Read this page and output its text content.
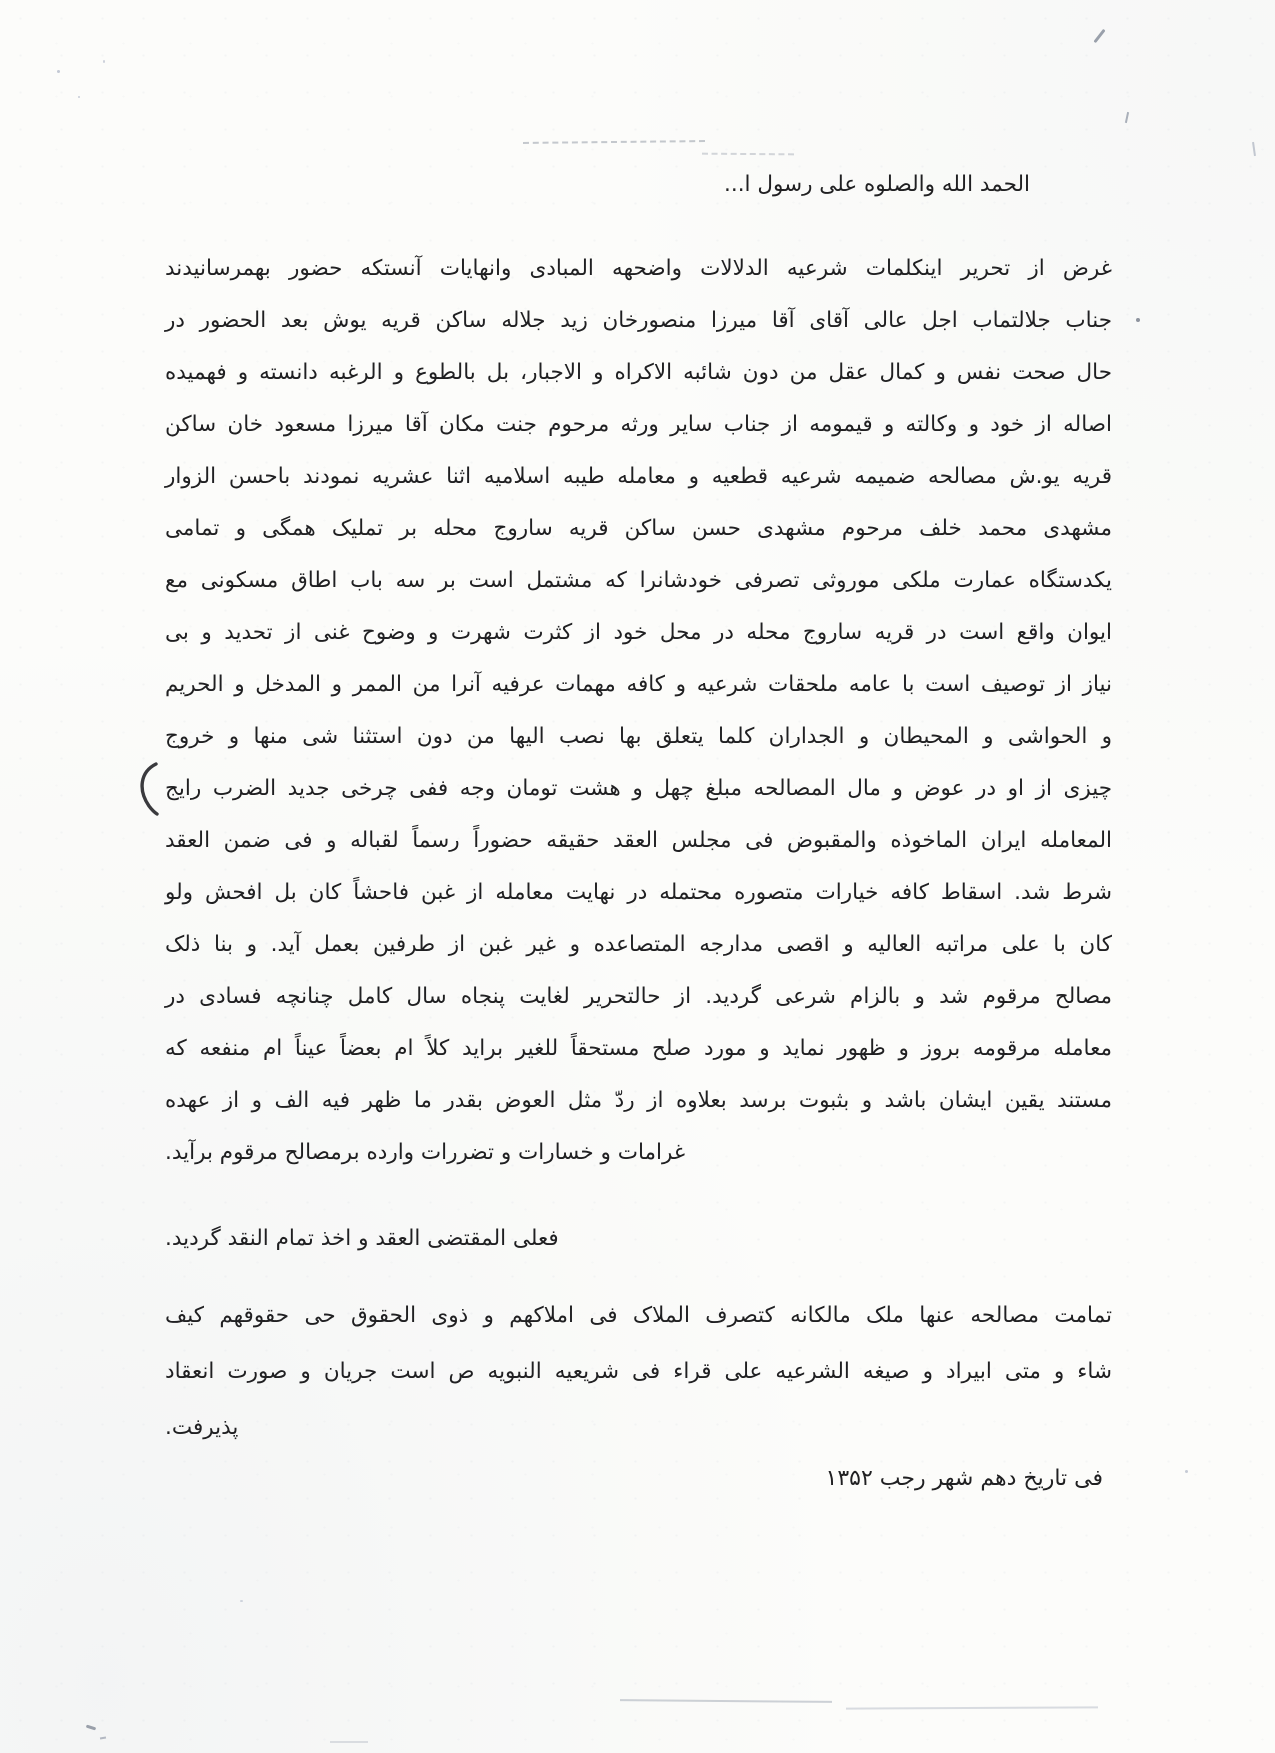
الحمد الله والصلوه علی رسول ا...
غرض از تحریر اینکلمات شرعیه الدلالات واضحهه المبادی وانهایات آنستکه حضور بهمرسانیدند
جناب جلالتماب اجل عالی آقای آقا میرزا منصورخان زید جلاله ساکن قریه یوش بعد الحضور در
حال صحت نفس و کمال عقل من دون شائبه الاکراه و الاجبار، بل بالطوع و الرغبه دانسته و فهمیده
اصاله از خود و وکالته و قیمومه از جناب سایر ورثه مرحوم جنت مکان آقا میرزا مسعود خان ساکن
قریه یو.ش مصالحه ضمیمه شرعیه قطعیه و معامله طیبه اسلامیه اثنا عشریه نمودند باحسن الزوار
مشهدی محمد خلف مرحوم مشهدی حسن ساکن قریه ساروج محله بر تملیک همگی و تمامی
یکدستگاه عمارت ملکی موروثی تصرفی خودشانرا که مشتمل است بر سه باب اطاق مسکونی مع
ایوان واقع است در قریه ساروج محله در محل خود از کثرت شهرت و وضوح غنی از تحدید و بی
نیاز از توصیف است با عامه ملحقات شرعیه و کافه مهمات عرفیه آنرا من الممر و المدخل و الحریم
و الحواشی و المحیطان و الجداران کلما یتعلق بها نصب الیها من دون استثنا شی منها و خروج
چیزی از او در عوض و مال المصالحه مبلغ چهل و هشت تومان وجه ففی چرخی جدید الضرب رایج
المعامله ایران الماخوذه والمقبوض فی مجلس العقد حقیقه حضوراً رسماً لقباله و فی ضمن العقد
شرط شد. اسقاط کافه خیارات متصوره محتمله در نهایت معامله از غبن فاحشاً کان بل افحش ولو
کان با علی مراتبه العالیه و اقصی مدارجه المتصاعده و غیر غبن از طرفین بعمل آید. و بنا ذلک
مصالح مرقوم شد و بالزام شرعی گردید. از حالتحریر لغایت پنجاه سال کامل چنانچه فسادی در
معامله مرقومه بروز و ظهور نماید و مورد صلح مستحقاً للغیر براید کلاً ام بعضاً عیناً ام منفعه که
مستند یقین ایشان باشد و بثبوت برسد بعلاوه از ردّ مثل العوض بقدر ما ظهر فیه الف و از عهده
غرامات و خسارات و تضررات وارده برمصالح مرقوم برآید.
فعلی المقتضی العقد و اخذ تمام النقد گردید.
تمامت مصالحه عنها ملک مالکانه کتصرف الملاک فی املاکهم و ذوی الحقوق حی حقوقهم کیف
شاء و متی ابیراد و صیغه الشرعیه علی قراء فی شریعیه النبویه ص است جریان و صورت انعقاد
پذیرفت.
فی تاریخ دهم شهر رجب ۱۳۵۲
